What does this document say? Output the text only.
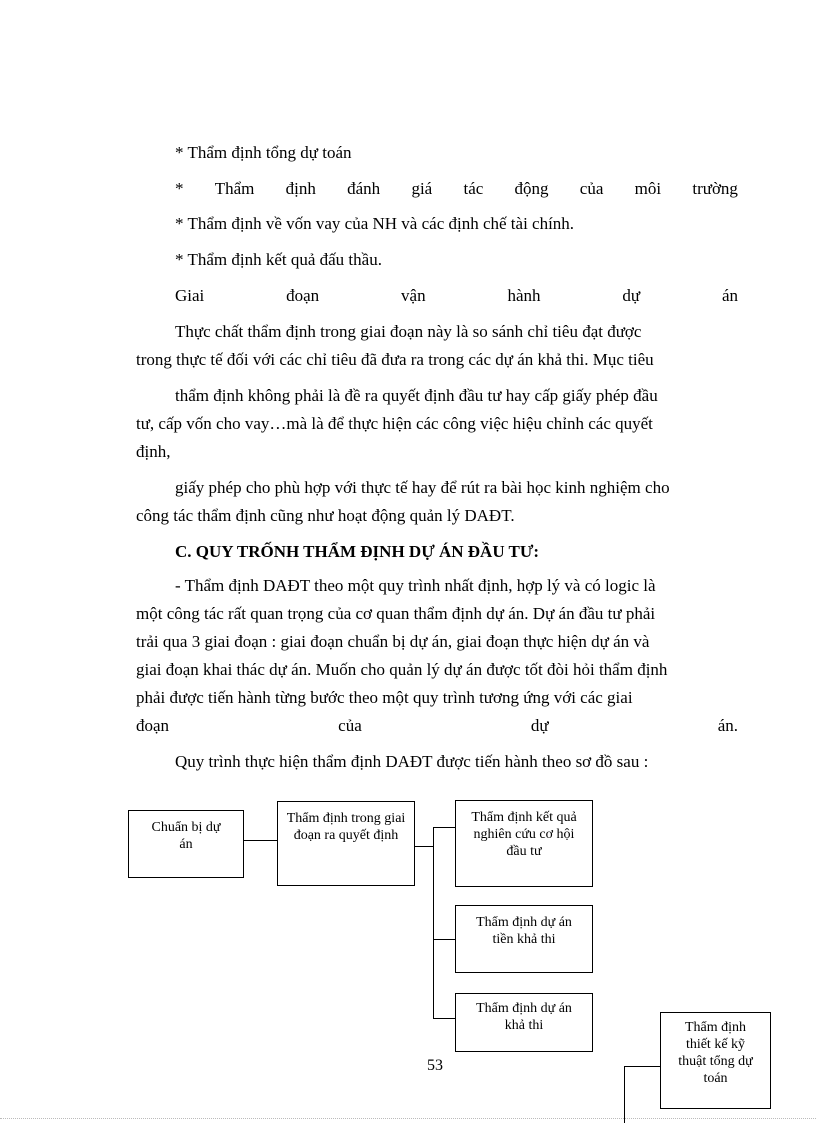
* Thẩm định tổng dự toán
* Thẩm định đánh giá tác động của môi trường
* Thẩm định về vốn vay của NH và các định chế tài chính.
* Thẩm định kết quả đấu thầu.
Giai	đoạn	vận	hành	dự	án
Thực chất thẩm định trong giai đoạn này là so sánh chỉ tiêu đạt được
trong thực tế đối với các chỉ tiêu đã đưa ra trong các dự án khả thi. Mục tiêu
thẩm định không phải là đề ra quyết định đầu tư hay cấp giấy phép đầu
tư, cấp vốn cho vay…mà là để thực hiện các công việc hiệu chỉnh các quyết
định,
giấy phép cho phù hợp với thực tế hay để rút ra bài học kinh nghiệm cho
công tác thẩm định cũng như hoạt động quản lý DAĐT.
C. QUY TRỐNH THẨM ĐỊNH DỰ ÁN ĐẦU TƯ:
- Thẩm định DAĐT theo một quy trình nhất định, hợp lý và có logic là
một công tác rất quan trọng của cơ quan thẩm định dự án. Dự án đầu tư phải
trải qua 3 giai đoạn : giai đoạn chuẩn bị dự án, giai đoạn thực hiện dự án và
giai đoạn khai thác dự án. Muốn cho quản lý dự án được tốt đòi hỏi thẩm định
phải được tiến hành từng bước theo một quy trình tương ứng với các giai
đoạn	của	dự	án.
Quy trình thực hiện thẩm định DAĐT được tiến hành theo sơ đồ sau :
Chuẩn bị dự án
Thẩm định trong giai đoạn ra quyết định
Thẩm định kết quả nghiên cứu cơ hội đầu tư
Thẩm định dự án tiền khả thi
Thẩm định dự án khả thi	Thẩm định thiết kế kỹ thuật tổng dự toán
53
